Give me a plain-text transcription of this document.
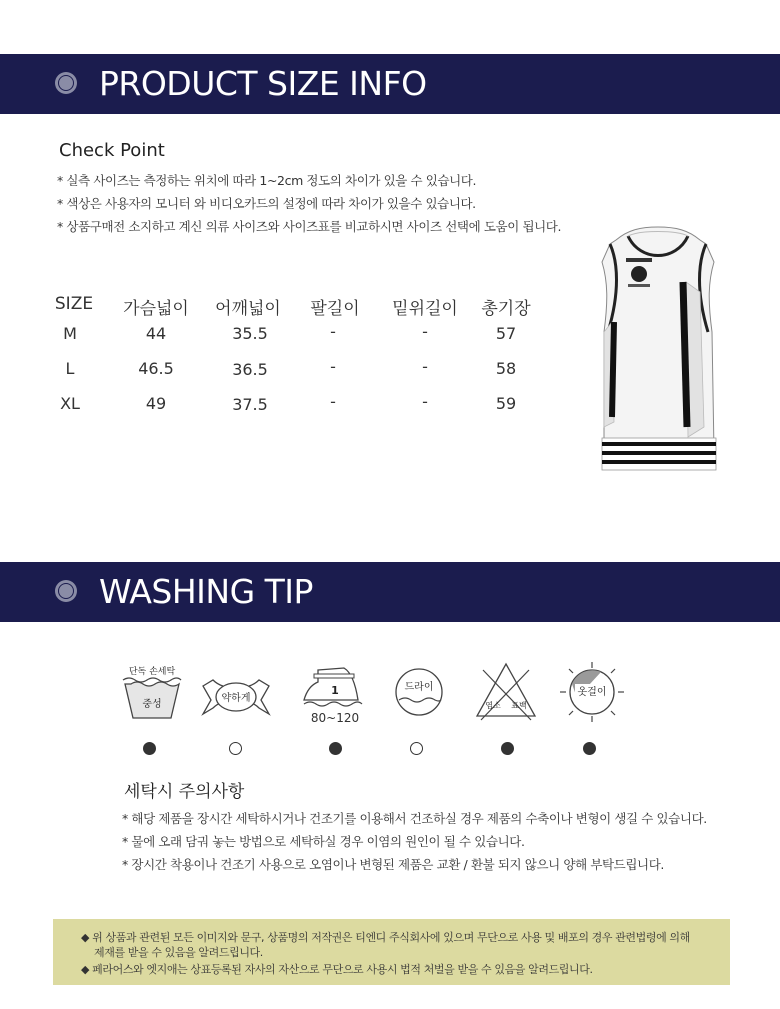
PRODUCT SIZE INFO
Check Point
* 실측 사이즈는 측정하는 위치에 따라 1~2cm 정도의 차이가 있을 수 있습니다.
* 색상은 사용자의 모니터 와 비디오카드의 설정에 따라 차이가 있을수 있습니다.
* 상품구매전 소지하고 계신 의류 사이즈와 사이즈표를 비교하시면 사이즈 선택에 도움이 됩니다.
SIZE	가슴넓이	어깨넓이	팔길이	밑위길이	총기장
M	44	35.5	-	-	57
L	46.5	36.5	-	-	58
XL	49	37.5	-	-	59
WASHING TIP
단독 손세탁
중성
약하게
1
80~120
드라이
염소 표백
옷걸이
세탁시 주의사항
* 해당 제품을 장시간 세탁하시거나 건조기를 이용해서 건조하실 경우 제품의 수축이나 변형이 생길 수 있습니다.
* 물에 오래 담궈 놓는 방법으로 세탁하실 경우 이염의 원인이 될 수 있습니다.
* 장시간 착용이나 건조기 사용으로 오염이나 변형된 제품은 교환 / 환불 되지 않으니 양해 부탁드립니다.
◆ 위 상품과 관련된 모든 이미지와 문구, 상품명의 저작권은 티엔디 주식회사에 있으며 무단으로 사용 및 배포의 경우 관련법령에 의해
제재를 받을 수 있음을 알려드립니다.
◆ 페라어스와 엣지애는 상표등록된 자사의 자산으로 무단으로 사용시 법적 처벌을 받을 수 있음을 알려드립니다.
